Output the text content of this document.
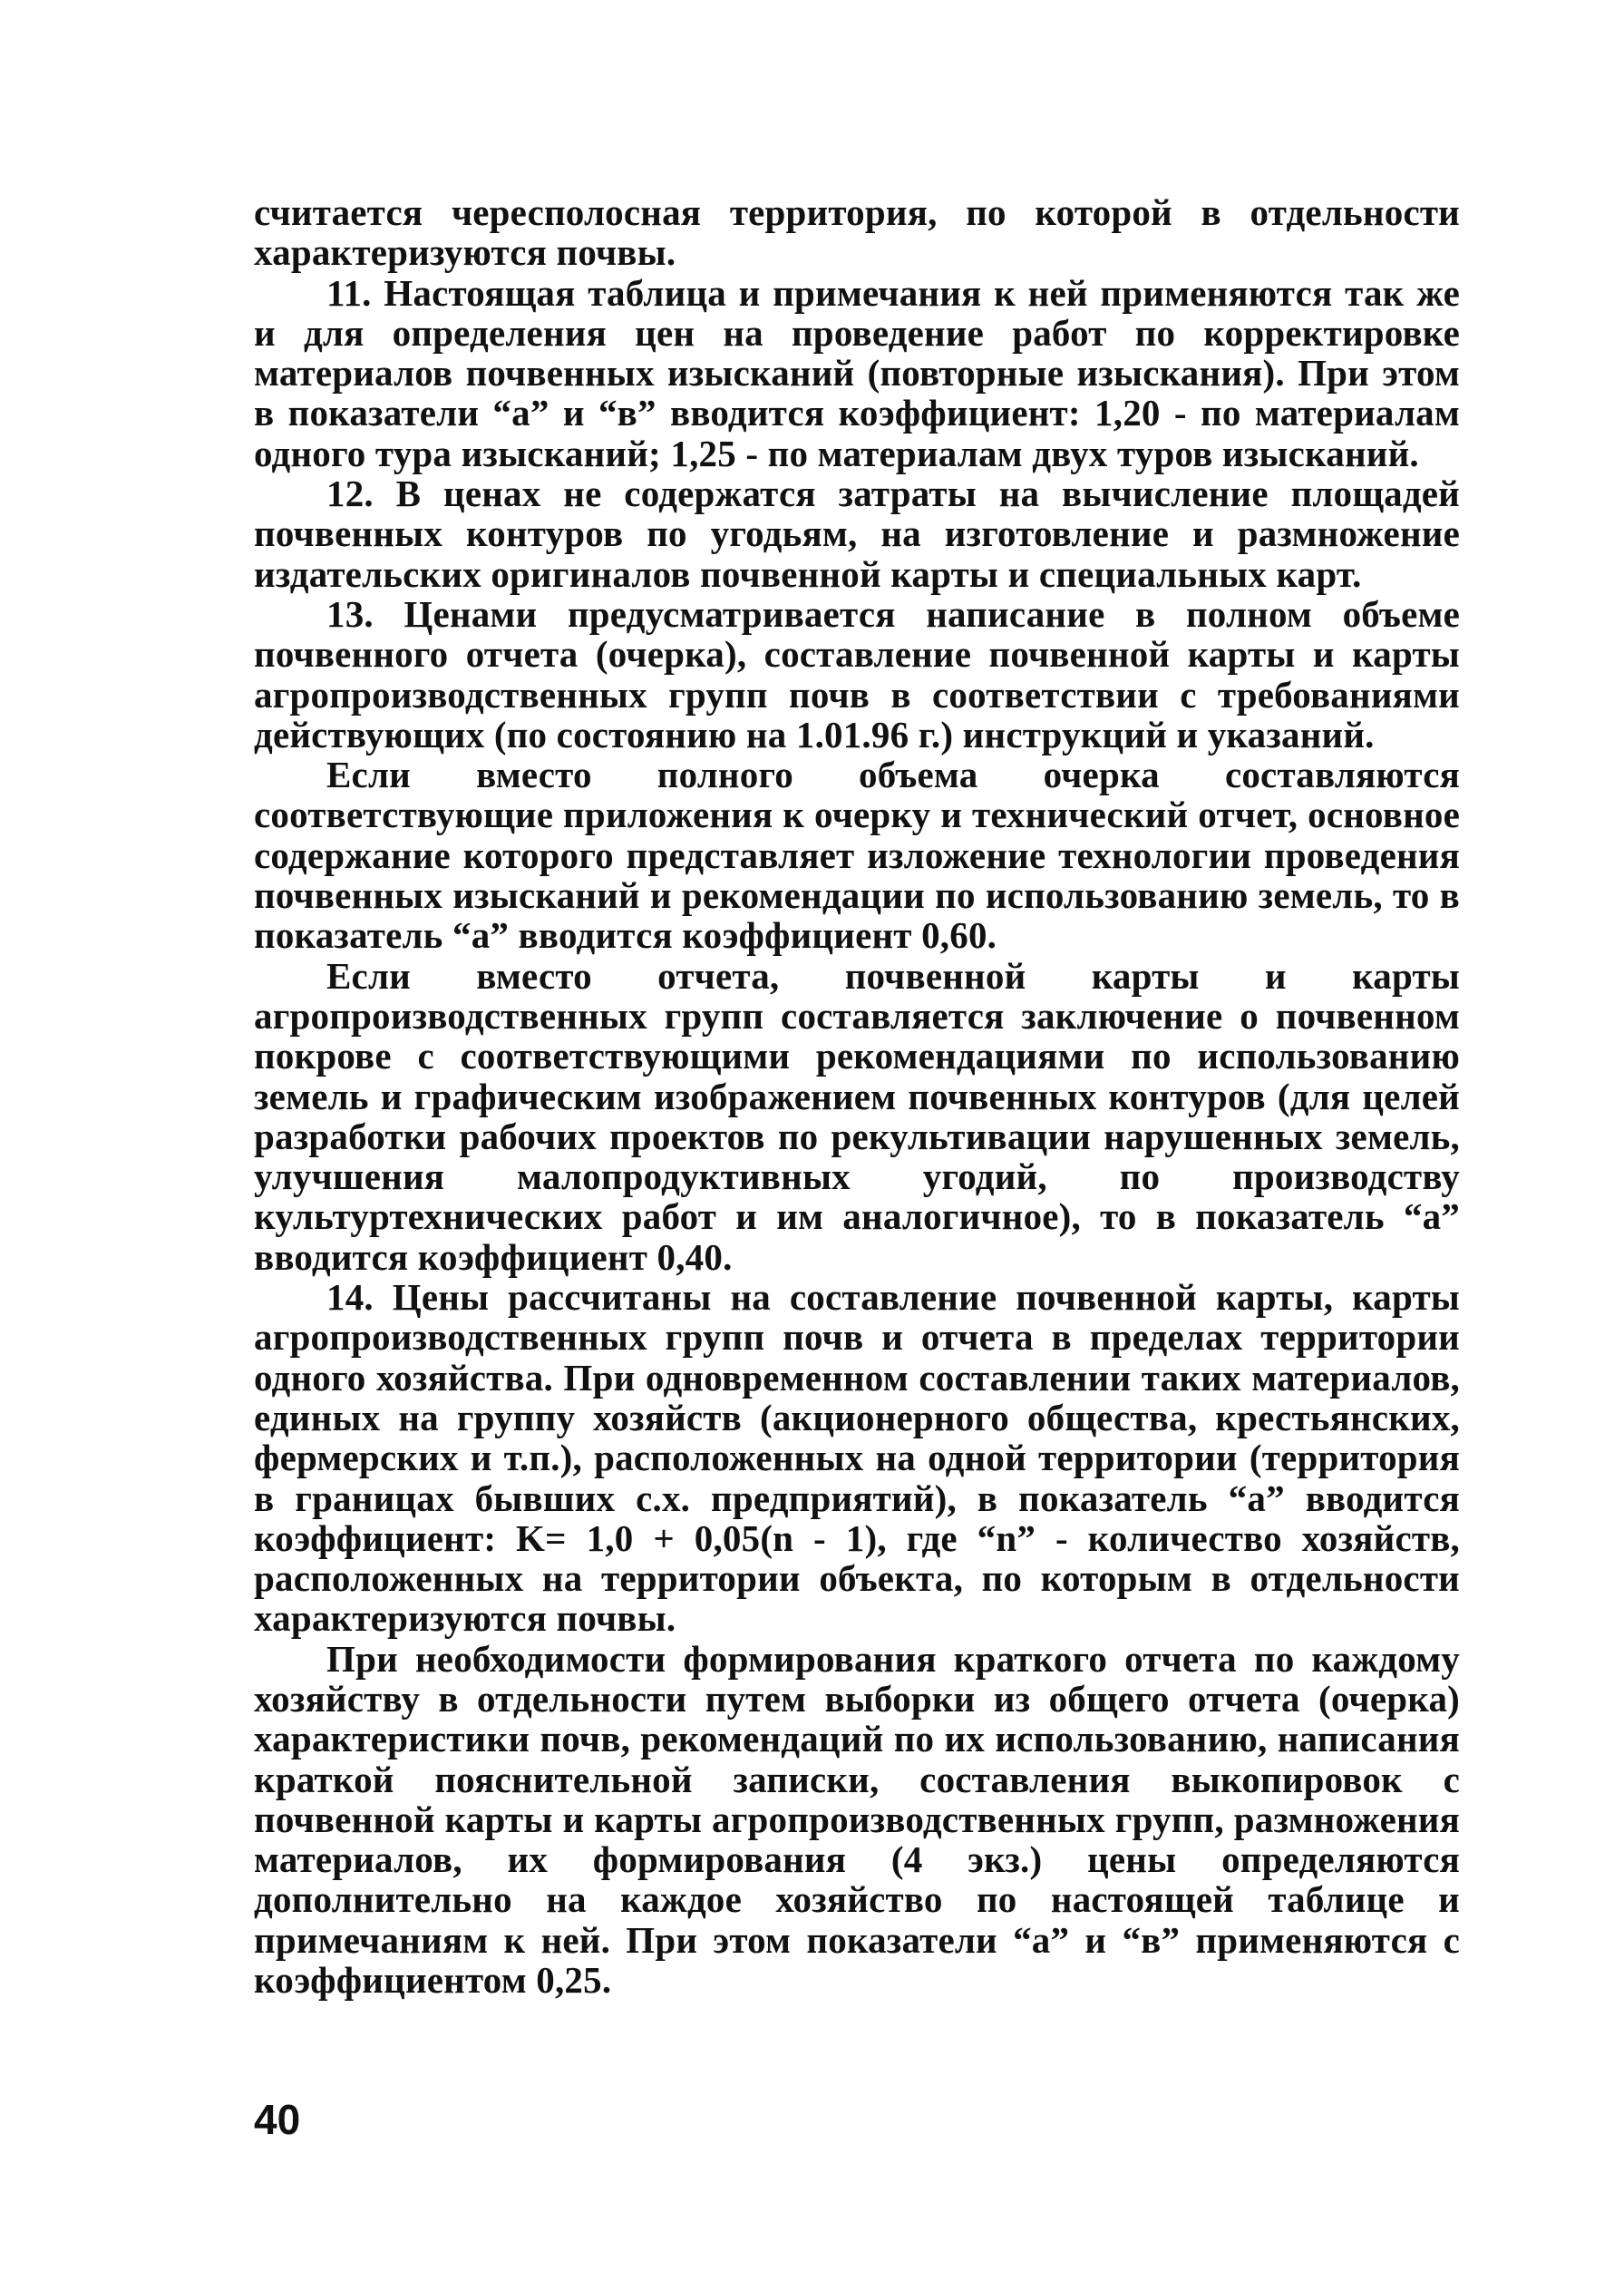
считается чересполосная территория, по которой в отдельности характеризуются почвы.

11. Настоящая таблица и примечания к ней применяются так же и для определения цен на проведение работ по корректировке материалов почвенных изысканий (повторные изыскания). При этом в показатели “а” и “в” вводится коэффициент: 1,20 - по материалам одного тура изысканий; 1,25 - по материалам двух туров изысканий.

12. В ценах не содержатся затраты на вычисление площадей почвенных контуров по угодьям, на изготовление и размножение издательских оригиналов почвенной карты и специальных карт.

13. Ценами предусматривается написание в полном объеме почвенного отчета (очерка), составление почвенной карты и карты агропроизводственных групп почв в соответствии с требованиями действующих (по состоянию на 1.01.96 г.) инструкций и указаний.

Если вместо полного объема очерка составляются соответствующие приложения к очерку и технический отчет, основное содержание которого представляет изложение технологии проведения почвенных изысканий и рекомендации по использованию земель, то в показатель “а” вводится коэффициент 0,60.

Если вместо отчета, почвенной карты и карты агропроизводственных групп составляется заключение о почвенном покрове с соответствующими рекомендациями по использованию земель и графическим изображением почвенных контуров (для целей разработки рабочих проектов по рекультивации нарушенных земель, улучшения малопродуктивных угодий, по производству культуртехнических работ и им аналогичное), то в показатель “а” вводится коэффициент 0,40.

14. Цены рассчитаны на составление почвенной карты, карты агропроизводственных групп почв и отчета в пределах территории одного хозяйства. При одновременном составлении таких материалов, единых на группу хозяйств (акционерного общества, крестьянских, фермерских и т.п.), расположенных на одной территории (территория в границах бывших с.х. предприятий), в показатель “а” вводится коэффициент: K= 1,0 + 0,05(n - 1), где “n” - количество хозяйств, расположенных на территории объекта, по которым в отдельности характеризуются почвы.

При необходимости формирования краткого отчета по каждому хозяйству в отдельности путем выборки из общего отчета (очерка) характеристики почв, рекомендаций по их использованию, написания краткой пояснительной записки, составления выкопировок с почвенной карты и карты агропроизводственных групп, размножения материалов, их формирования (4 экз.) цены определяются дополнительно на каждое хозяйство по настоящей таблице и примечаниям к ней. При этом показатели “а” и “в” применяются с коэффициентом 0,25.

40
